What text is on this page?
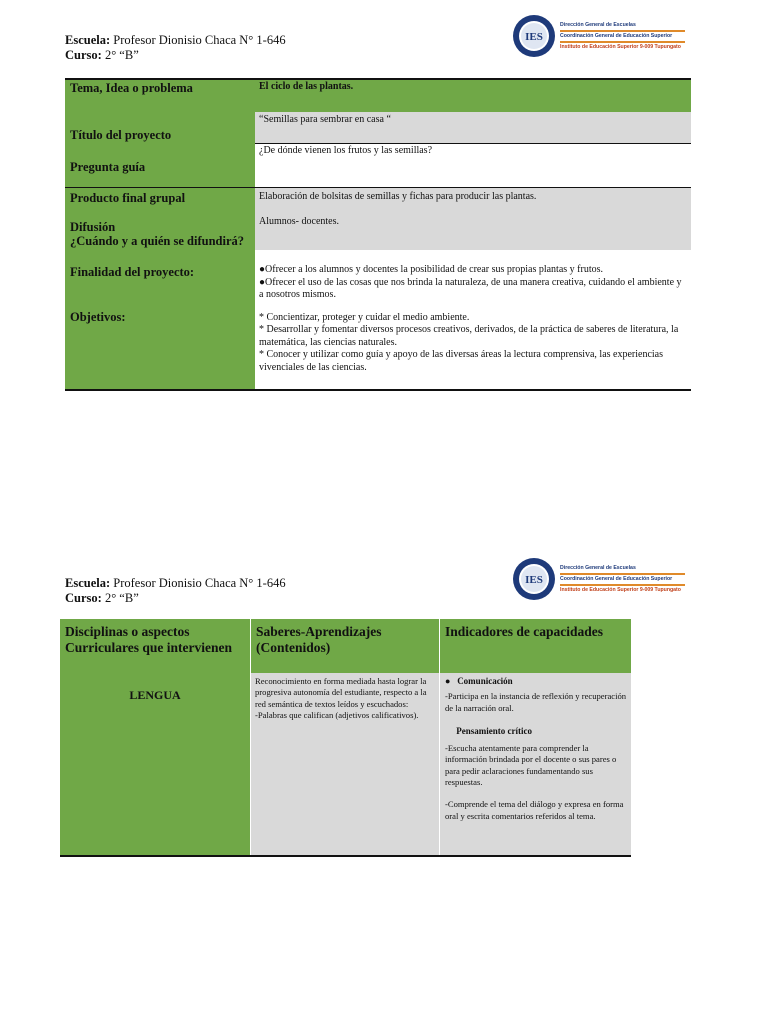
Escuela: Profesor Dionisio Chaca N° 1-646
Curso: 2° “B”
IES
Dirección General de Escuelas
Coordinación General de Educación Superior
Instituto de Educación Superior 9-009 Tupungato
Tema, Idea o problema	El ciclo de las plantas.
Título del proyecto
“Semillas para sembrar en casa “
Pregunta guía
¿De dónde vienen los frutos y las semillas?
Producto final grupal	Elaboración de bolsitas de semillas y fichas para producir las plantas.
Difusión
¿Cuándo y a quién se difundirá?
Alumnos- docentes.
Finalidad del proyecto:
Objetivos:
●Ofrecer a los alumnos y docentes la posibilidad de crear sus propias plantas y frutos.
●Ofrecer el uso de las cosas que nos brinda la naturaleza, de una manera creativa, cuidando el ambiente y a nosotros mismos.
* Concientizar, proteger y cuidar el medio ambiente.
* Desarrollar y fomentar diversos procesos creativos, derivados, de la práctica de saberes de literatura, la matemática, las ciencias naturales.
* Conocer y utilizar como guía y apoyo de las diversas áreas la lectura comprensiva, las experiencias vivenciales de las ciencias.
Escuela: Profesor Dionisio Chaca N° 1-646
Curso: 2° “B”
IES
Dirección General de Escuelas
Coordinación General de Educación Superior
Instituto de Educación Superior 9-009 Tupungato
Disciplinas o aspectos Curriculares que intervienen
Saberes-Aprendizajes (Contenidos)
Indicadores de capacidades
LENGUA
Reconocimiento en forma mediada hasta lograr la progresiva autonomía del estudiante, respecto a la red semántica de textos leídos y escuchados:
-Palabras que califican (adjetivos calificativos).
●   Comunicación
-Participa en la instancia de reflexión y recuperación de la narración oral.
Pensamiento crítico
-Escucha atentamente para comprender la información brindada por el docente o sus pares o para pedir aclaraciones fundamentando sus respuestas.
-Comprende el tema del diálogo y expresa en forma oral y escrita comentarios referidos al tema.
